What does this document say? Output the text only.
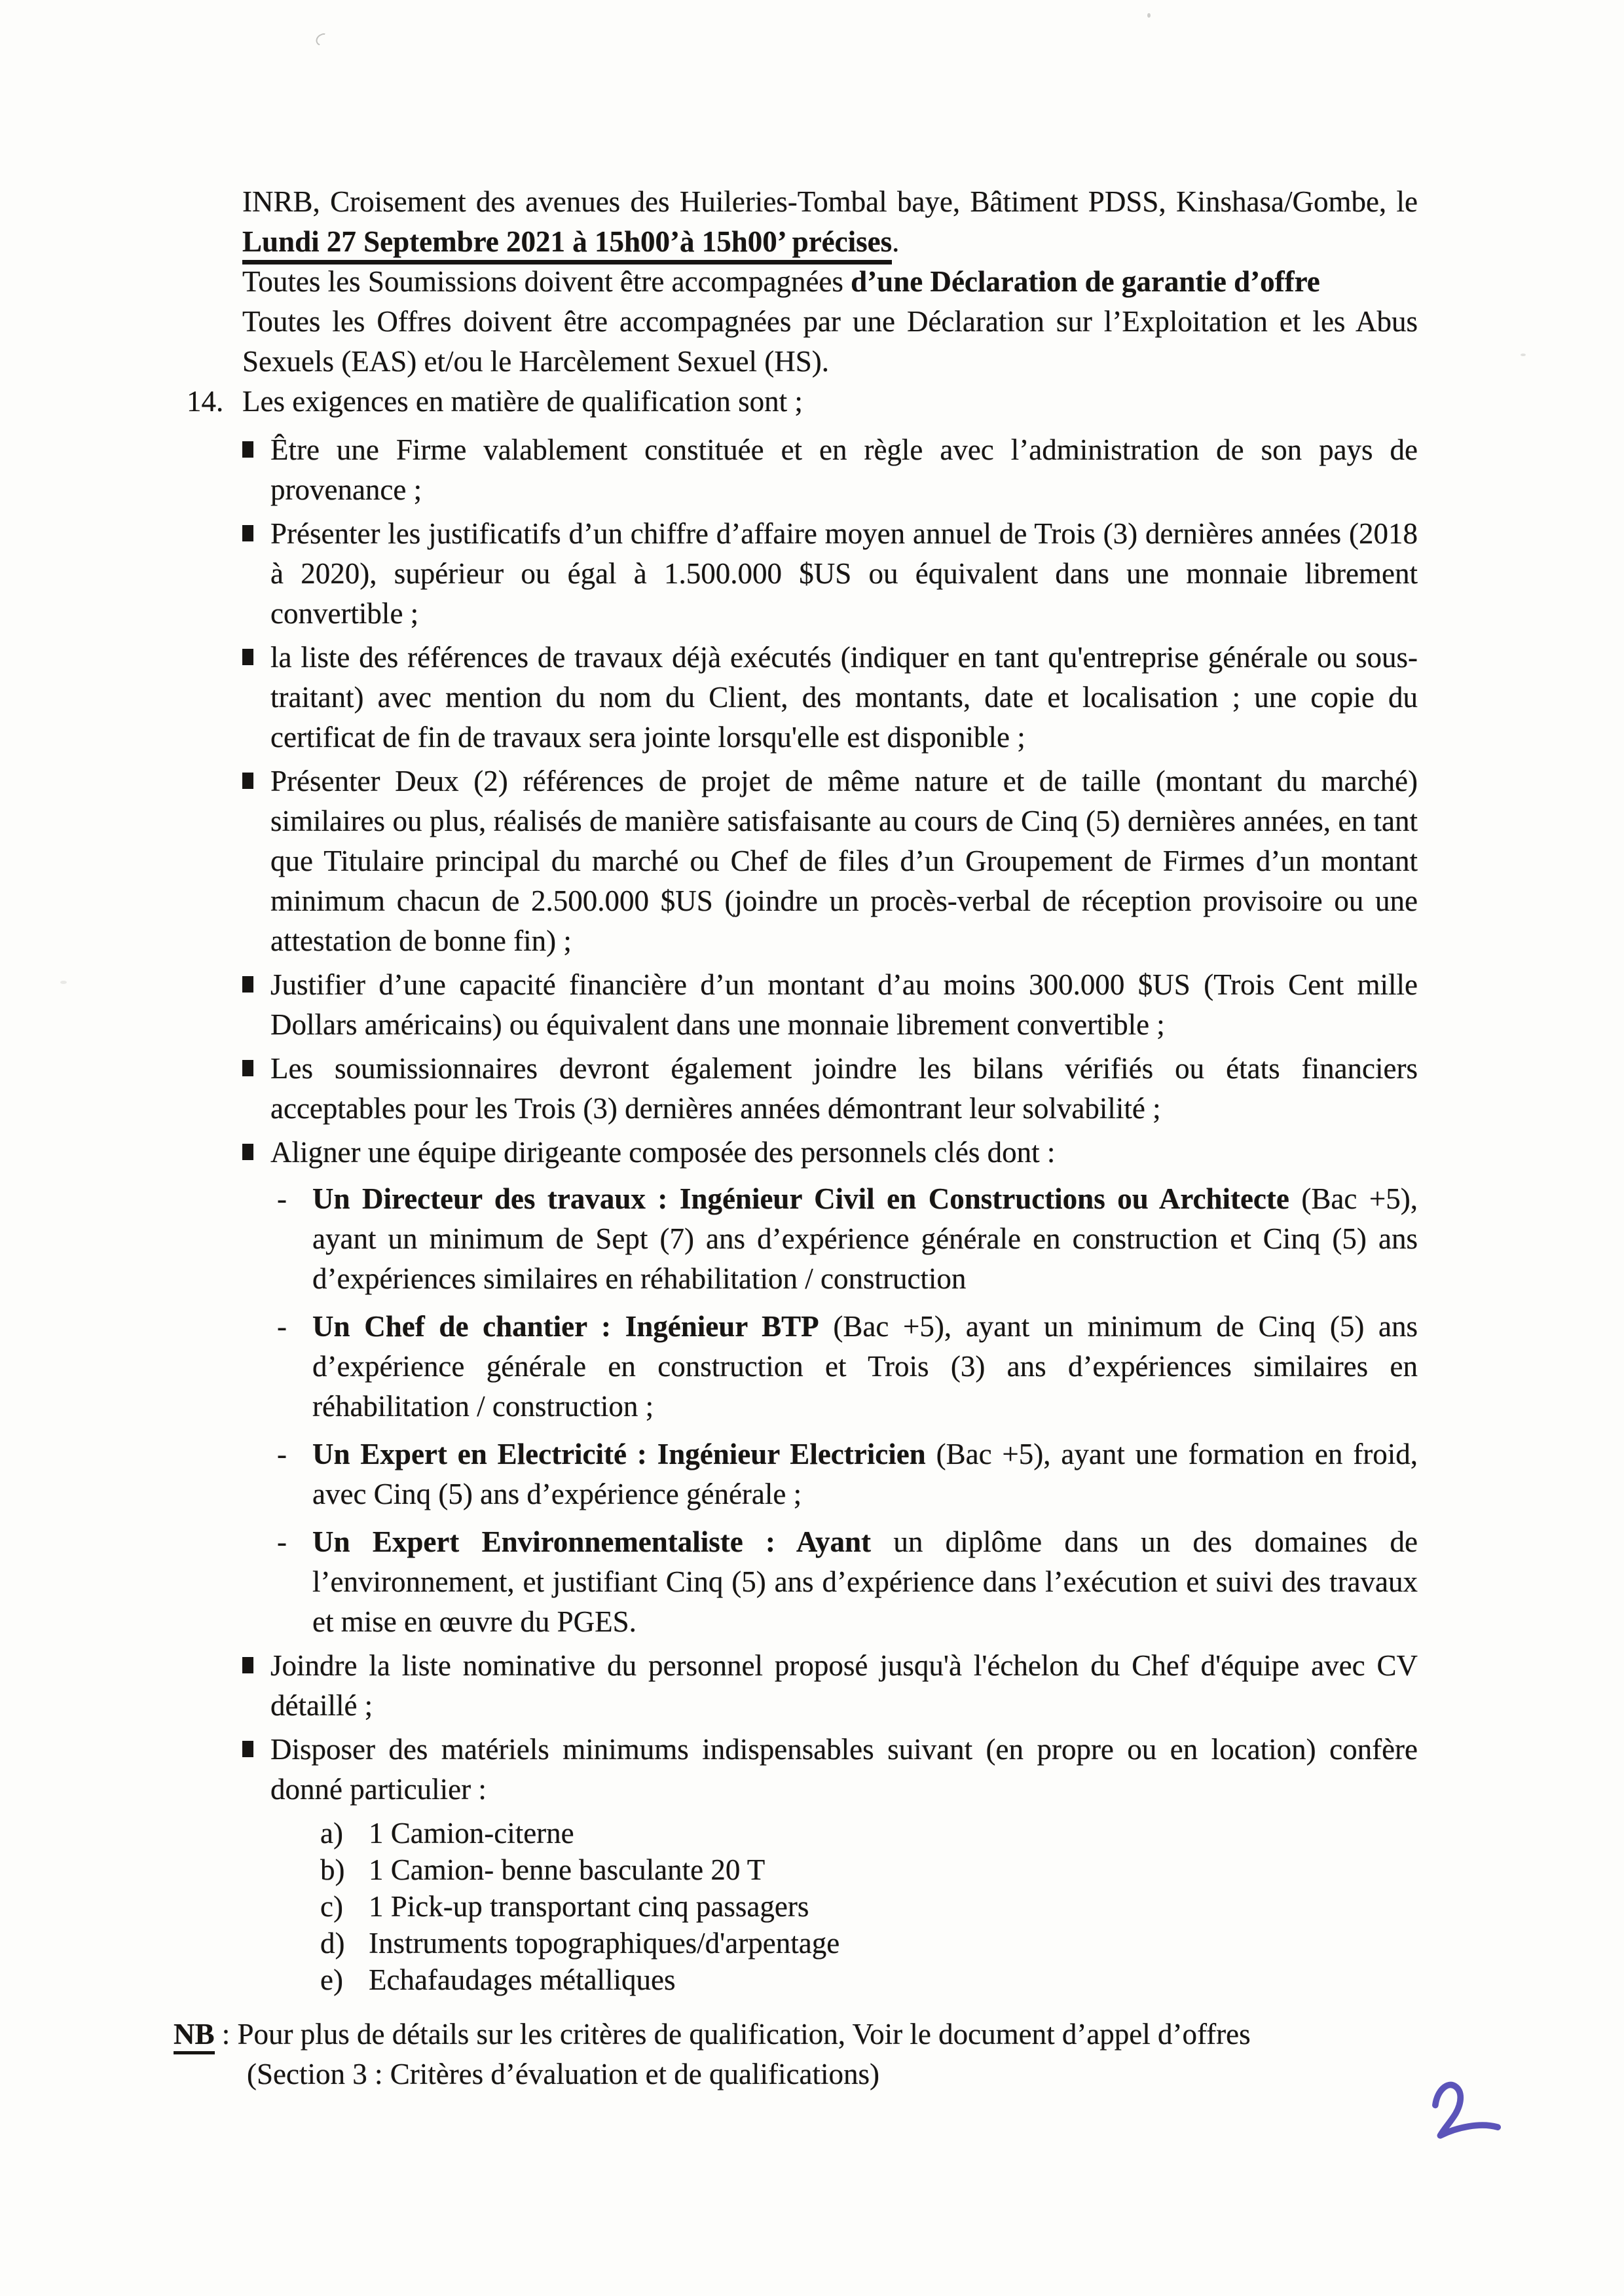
INRB, Croisement des avenues des Huileries-Tombal baye, Bâtiment PDSS, Kinshasa/Gombe, le Lundi 27 Septembre 2021 à 15h00’à 15h00’ précises.

Toutes les Soumissions doivent être accompagnées d’une Déclaration de garantie d’offre

Toutes les Offres doivent être accompagnées par une Déclaration sur l’Exploitation et les Abus Sexuels (EAS) et/ou le Harcèlement Sexuel (HS).

14. Les exigences en matière de qualification sont ;
Être une Firme valablement constituée et en règle avec l’administration de son pays de provenance ;
Présenter les justificatifs d’un chiffre d’affaire moyen annuel de Trois (3) dernières années (2018 à 2020), supérieur ou égal à 1.500.000 $US ou équivalent dans une monnaie librement convertible ;
la liste des références de travaux déjà exécutés (indiquer en tant qu'entreprise générale ou sous-traitant) avec mention du nom du Client, des montants, date et localisation ; une copie du certificat de fin de travaux sera jointe lorsqu'elle est disponible ;
Présenter Deux (2) références de projet de même nature et de taille (montant du marché) similaires ou plus, réalisés de manière satisfaisante au cours de Cinq (5) dernières années, en tant que Titulaire principal du marché ou Chef de files d’un Groupement de Firmes d’un montant minimum chacun de 2.500.000 $US (joindre un procès-verbal de réception provisoire ou une attestation de bonne fin) ;
Justifier d’une capacité financière d’un montant d’au moins 300.000 $US (Trois Cent mille Dollars américains) ou équivalent dans une monnaie librement convertible ;
Les soumissionnaires devront également joindre les bilans vérifiés ou états financiers acceptables pour les Trois (3) dernières années démontrant leur solvabilité ;
Aligner une équipe dirigeante composée des personnels clés dont :
- Un Directeur des travaux : Ingénieur Civil en Constructions ou Architecte (Bac +5), ayant un minimum de Sept (7) ans d’expérience générale en construction et Cinq (5) ans d’expériences similaires en réhabilitation / construction
- Un Chef de chantier : Ingénieur BTP (Bac +5), ayant un minimum de Cinq (5) ans d’expérience générale en construction et Trois (3) ans d’expériences similaires en réhabilitation / construction ;
- Un Expert en Electricité : Ingénieur Electricien (Bac +5), ayant une formation en froid, avec Cinq (5) ans d’expérience générale ;
- Un Expert Environnementaliste : Ayant un diplôme dans un des domaines de l’environnement, et justifiant Cinq (5) ans d’expérience dans l’exécution et suivi des travaux et mise en œuvre du PGES.
Joindre la liste nominative du personnel proposé jusqu'à l'échelon du Chef d'équipe avec CV détaillé ;
Disposer des matériels minimums indispensables suivant (en propre ou en location) confère donné particulier :
a) 1 Camion-citerne
b) 1 Camion- benne basculante 20 T
c) 1 Pick-up transportant cinq passagers
d) Instruments topographiques/d'arpentage
e) Echafaudages métalliques
NB : Pour plus de détails sur les critères de qualification, Voir le document d’appel d’offres
(Section 3 : Critères d’évaluation et de qualifications)
